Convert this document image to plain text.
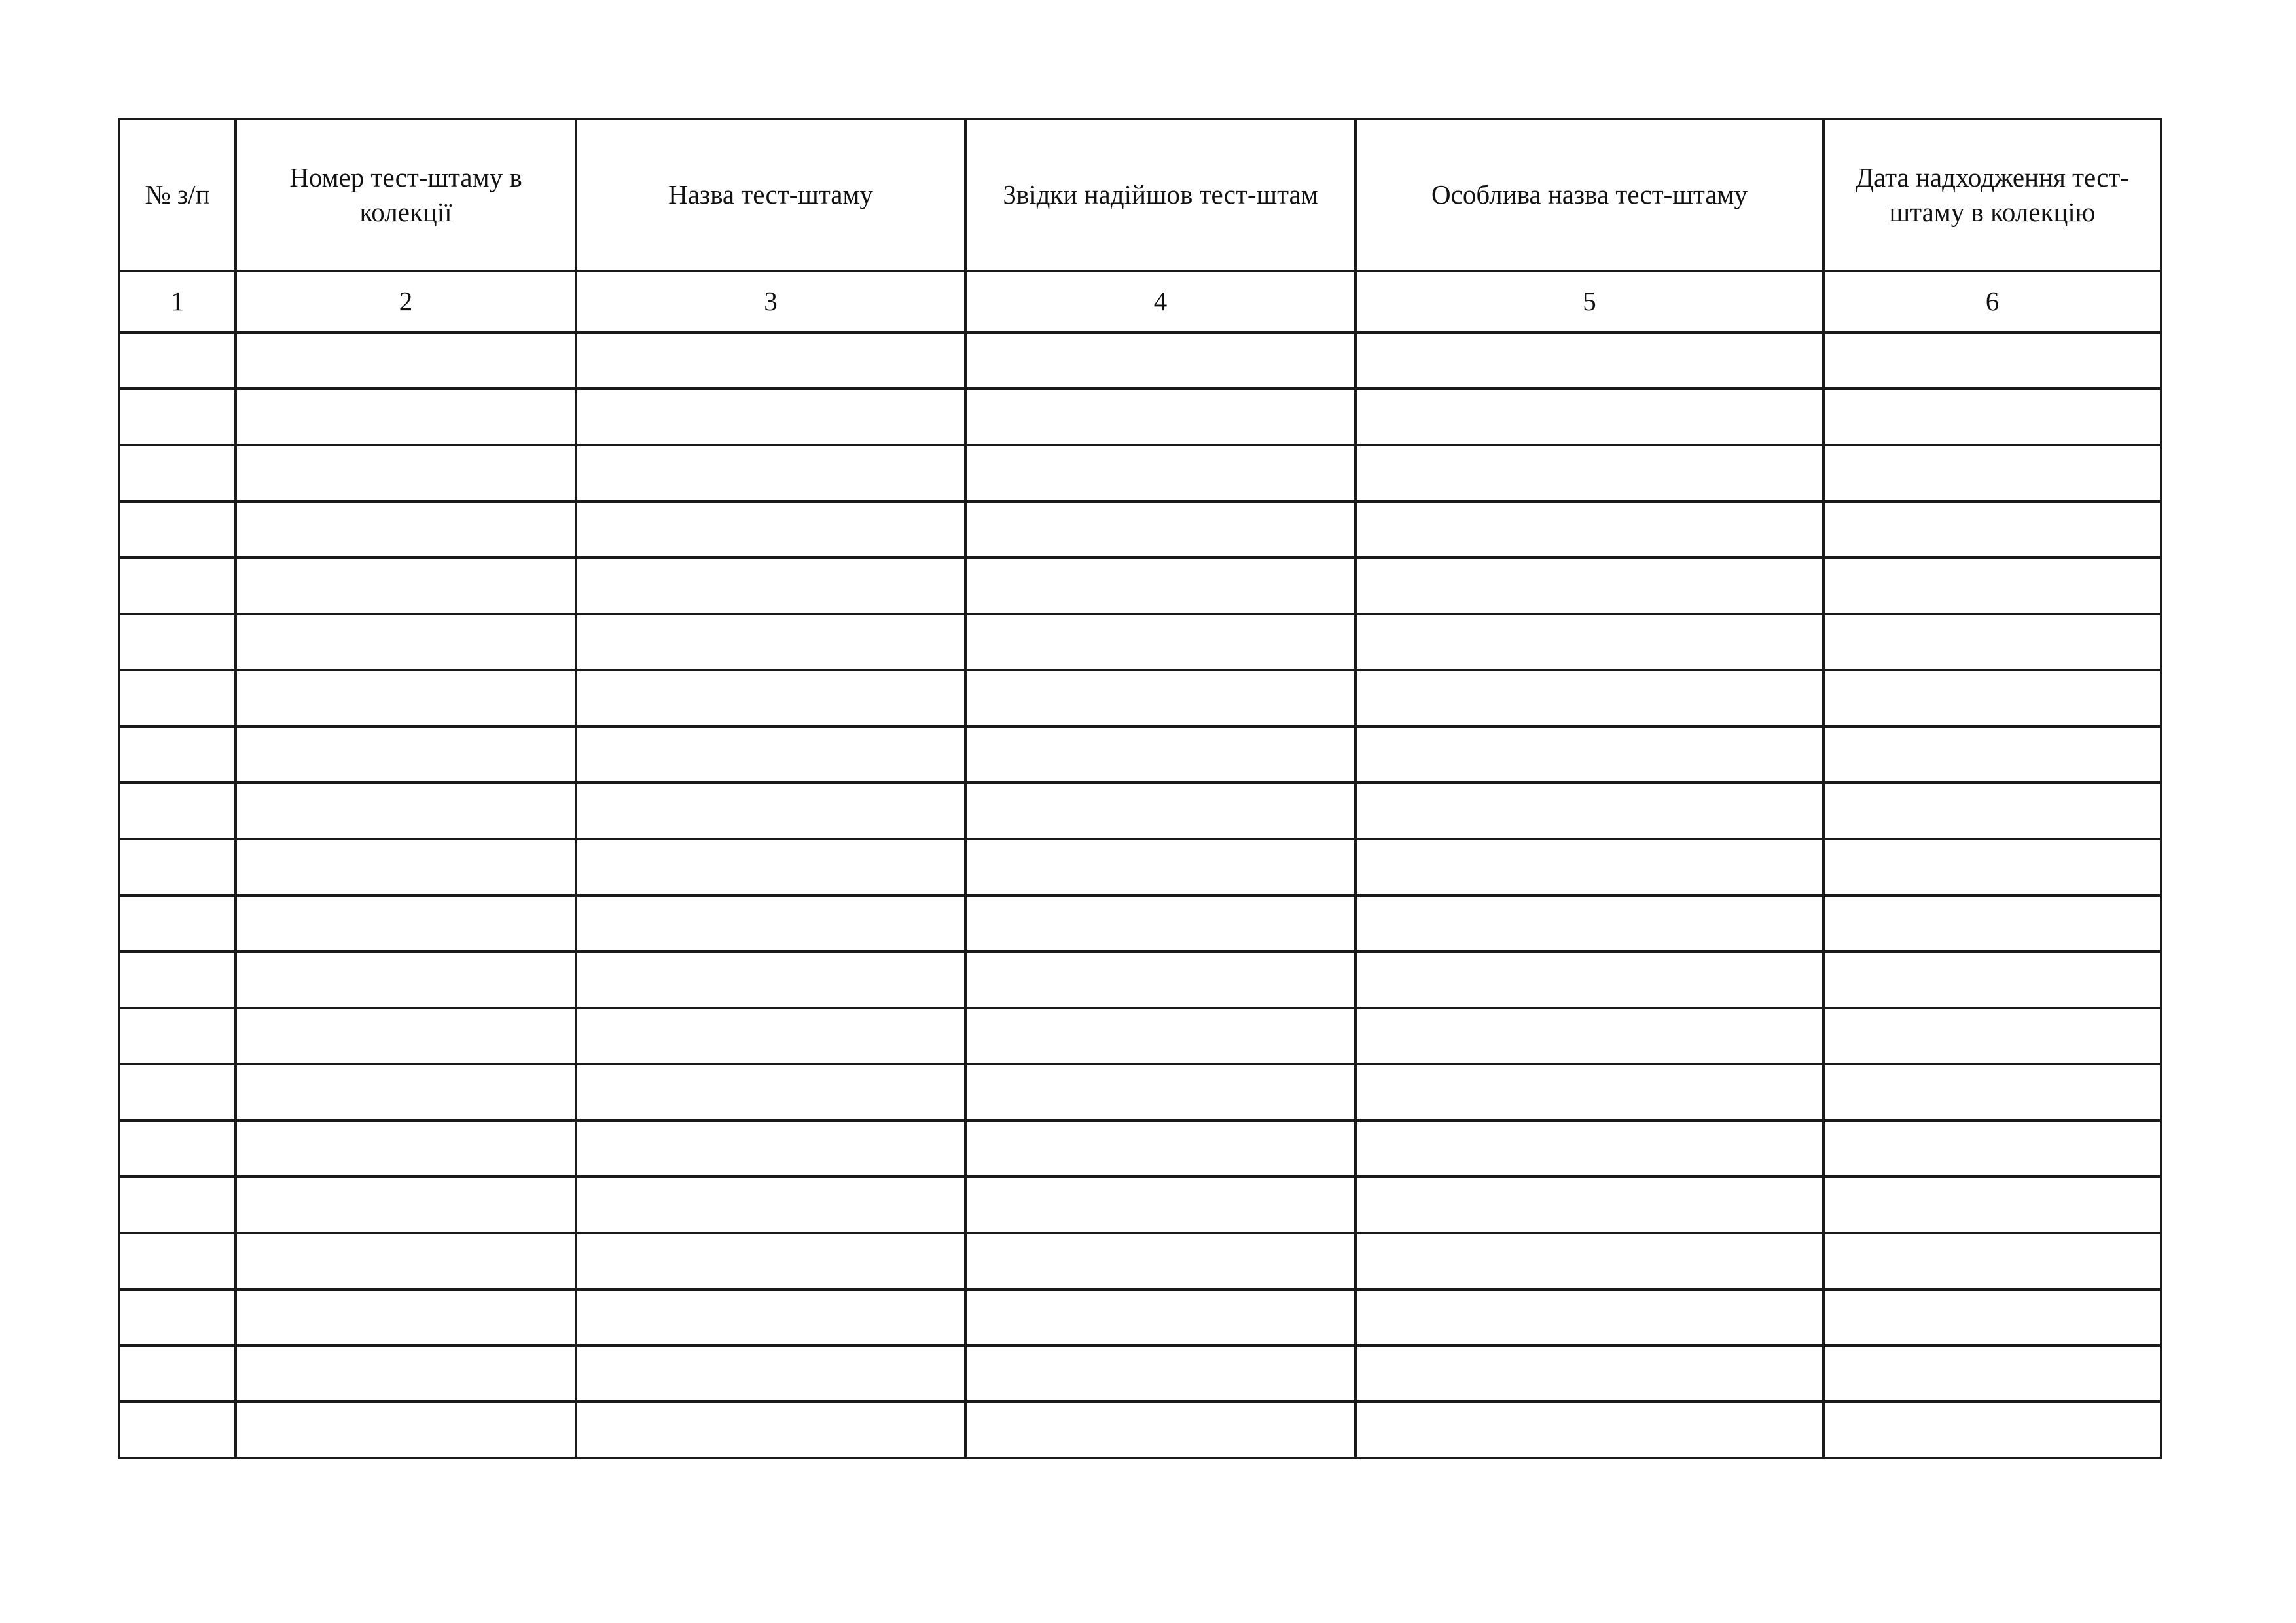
№ з/п	Номер тест-штаму в колекції	Назва тест-штаму	Звідки надійшов тест-штам	Особлива назва тест-штаму	Дата надходження тест-штаму в колекцію
1	2	3	4	5	6
